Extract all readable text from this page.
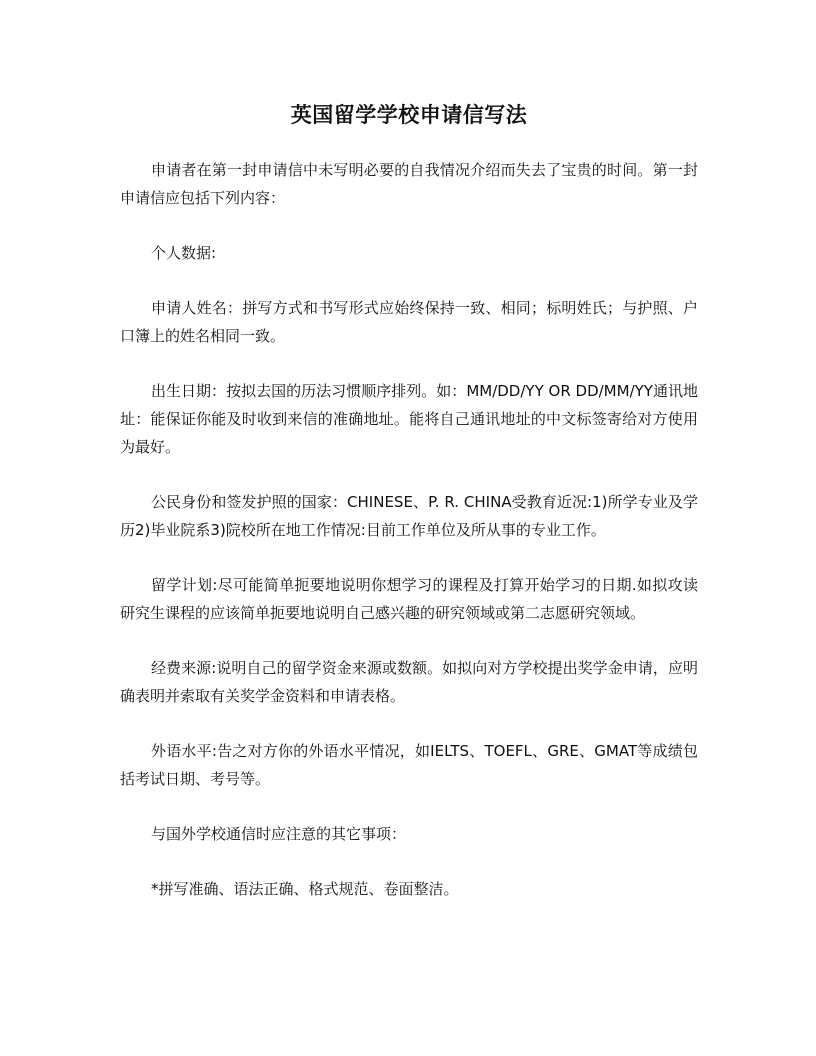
英国留学学校申请信写法

申请者在第一封申请信中未写明必要的自我情况介绍而失去了宝贵的时间。第一封申请信应包括下列内容：

个人数据:

申请人姓名：拼写方式和书写形式应始终保持一致、相同；标明姓氏；与护照、户口簿上的姓名相同一致。

出生日期：按拟去国的历法习惯顺序排列。如：MM/DD/YY OR DD/MM/YY通讯地址：能保证你能及时收到来信的准确地址。能将自己通讯地址的中文标签寄给对方使用为最好。

公民身份和签发护照的国家：CHINESE、P. R. CHINA受教育近况:1)所学专业及学历2)毕业院系3)院校所在地工作情况:目前工作单位及所从事的专业工作。

留学计划:尽可能简单扼要地说明你想学习的课程及打算开始学习的日期.如拟攻读研究生课程的应该简单扼要地说明自己感兴趣的研究领域或第二志愿研究领域。

经费来源:说明自己的留学资金来源或数额。如拟向对方学校提出奖学金申请，应明确表明并索取有关奖学金资料和申请表格。

外语水平:告之对方你的外语水平情况，如IELTS、TOEFL、GRE、GMAT等成绩包括考试日期、考号等。

与国外学校通信时应注意的其它事项：

*拼写准确、语法正确、格式规范、卷面整洁。
